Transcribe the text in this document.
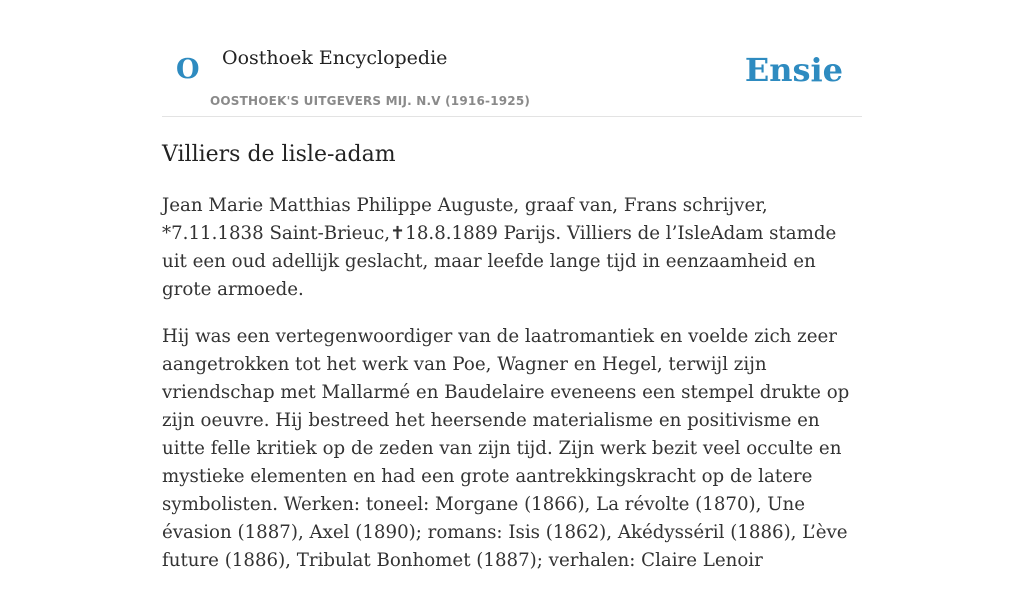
O Oosthoek Encyclopedie
OOSTHOEK'S UITGEVERS MIJ. N.V (1916-1925)
Ensie
Villiers de lisle-adam

Jean Marie Matthias Philippe Auguste, graaf van, Frans schrijver, *7.11.1838 Saint-Brieuc,✝18.8.1889 Parijs. Villiers de l’IsleAdam stamde uit een oud adellijk geslacht, maar leefde lange tijd in eenzaamheid en grote armoede.

Hij was een vertegenwoordiger van de laatromantiek en voelde zich zeer aangetrokken tot het werk van Poe, Wagner en Hegel, terwijl zijn vriendschap met Mallarmé en Baudelaire eveneens een stempel drukte op zijn oeuvre. Hij bestreed het heersende materialisme en positivisme en uitte felle kritiek op de zeden van zijn tijd. Zijn werk bezit veel occulte en mystieke elementen en had een grote aantrekkingskracht op de latere symbolisten. Werken: toneel: Morgane (1866), La révolte (1870), Une évasion (1887), Axel (1890); romans: Isis (1862), Akédysséril (1886), L’ève future (1886), Tribulat Bonhomet (1887); verhalen: Claire Lenoir
